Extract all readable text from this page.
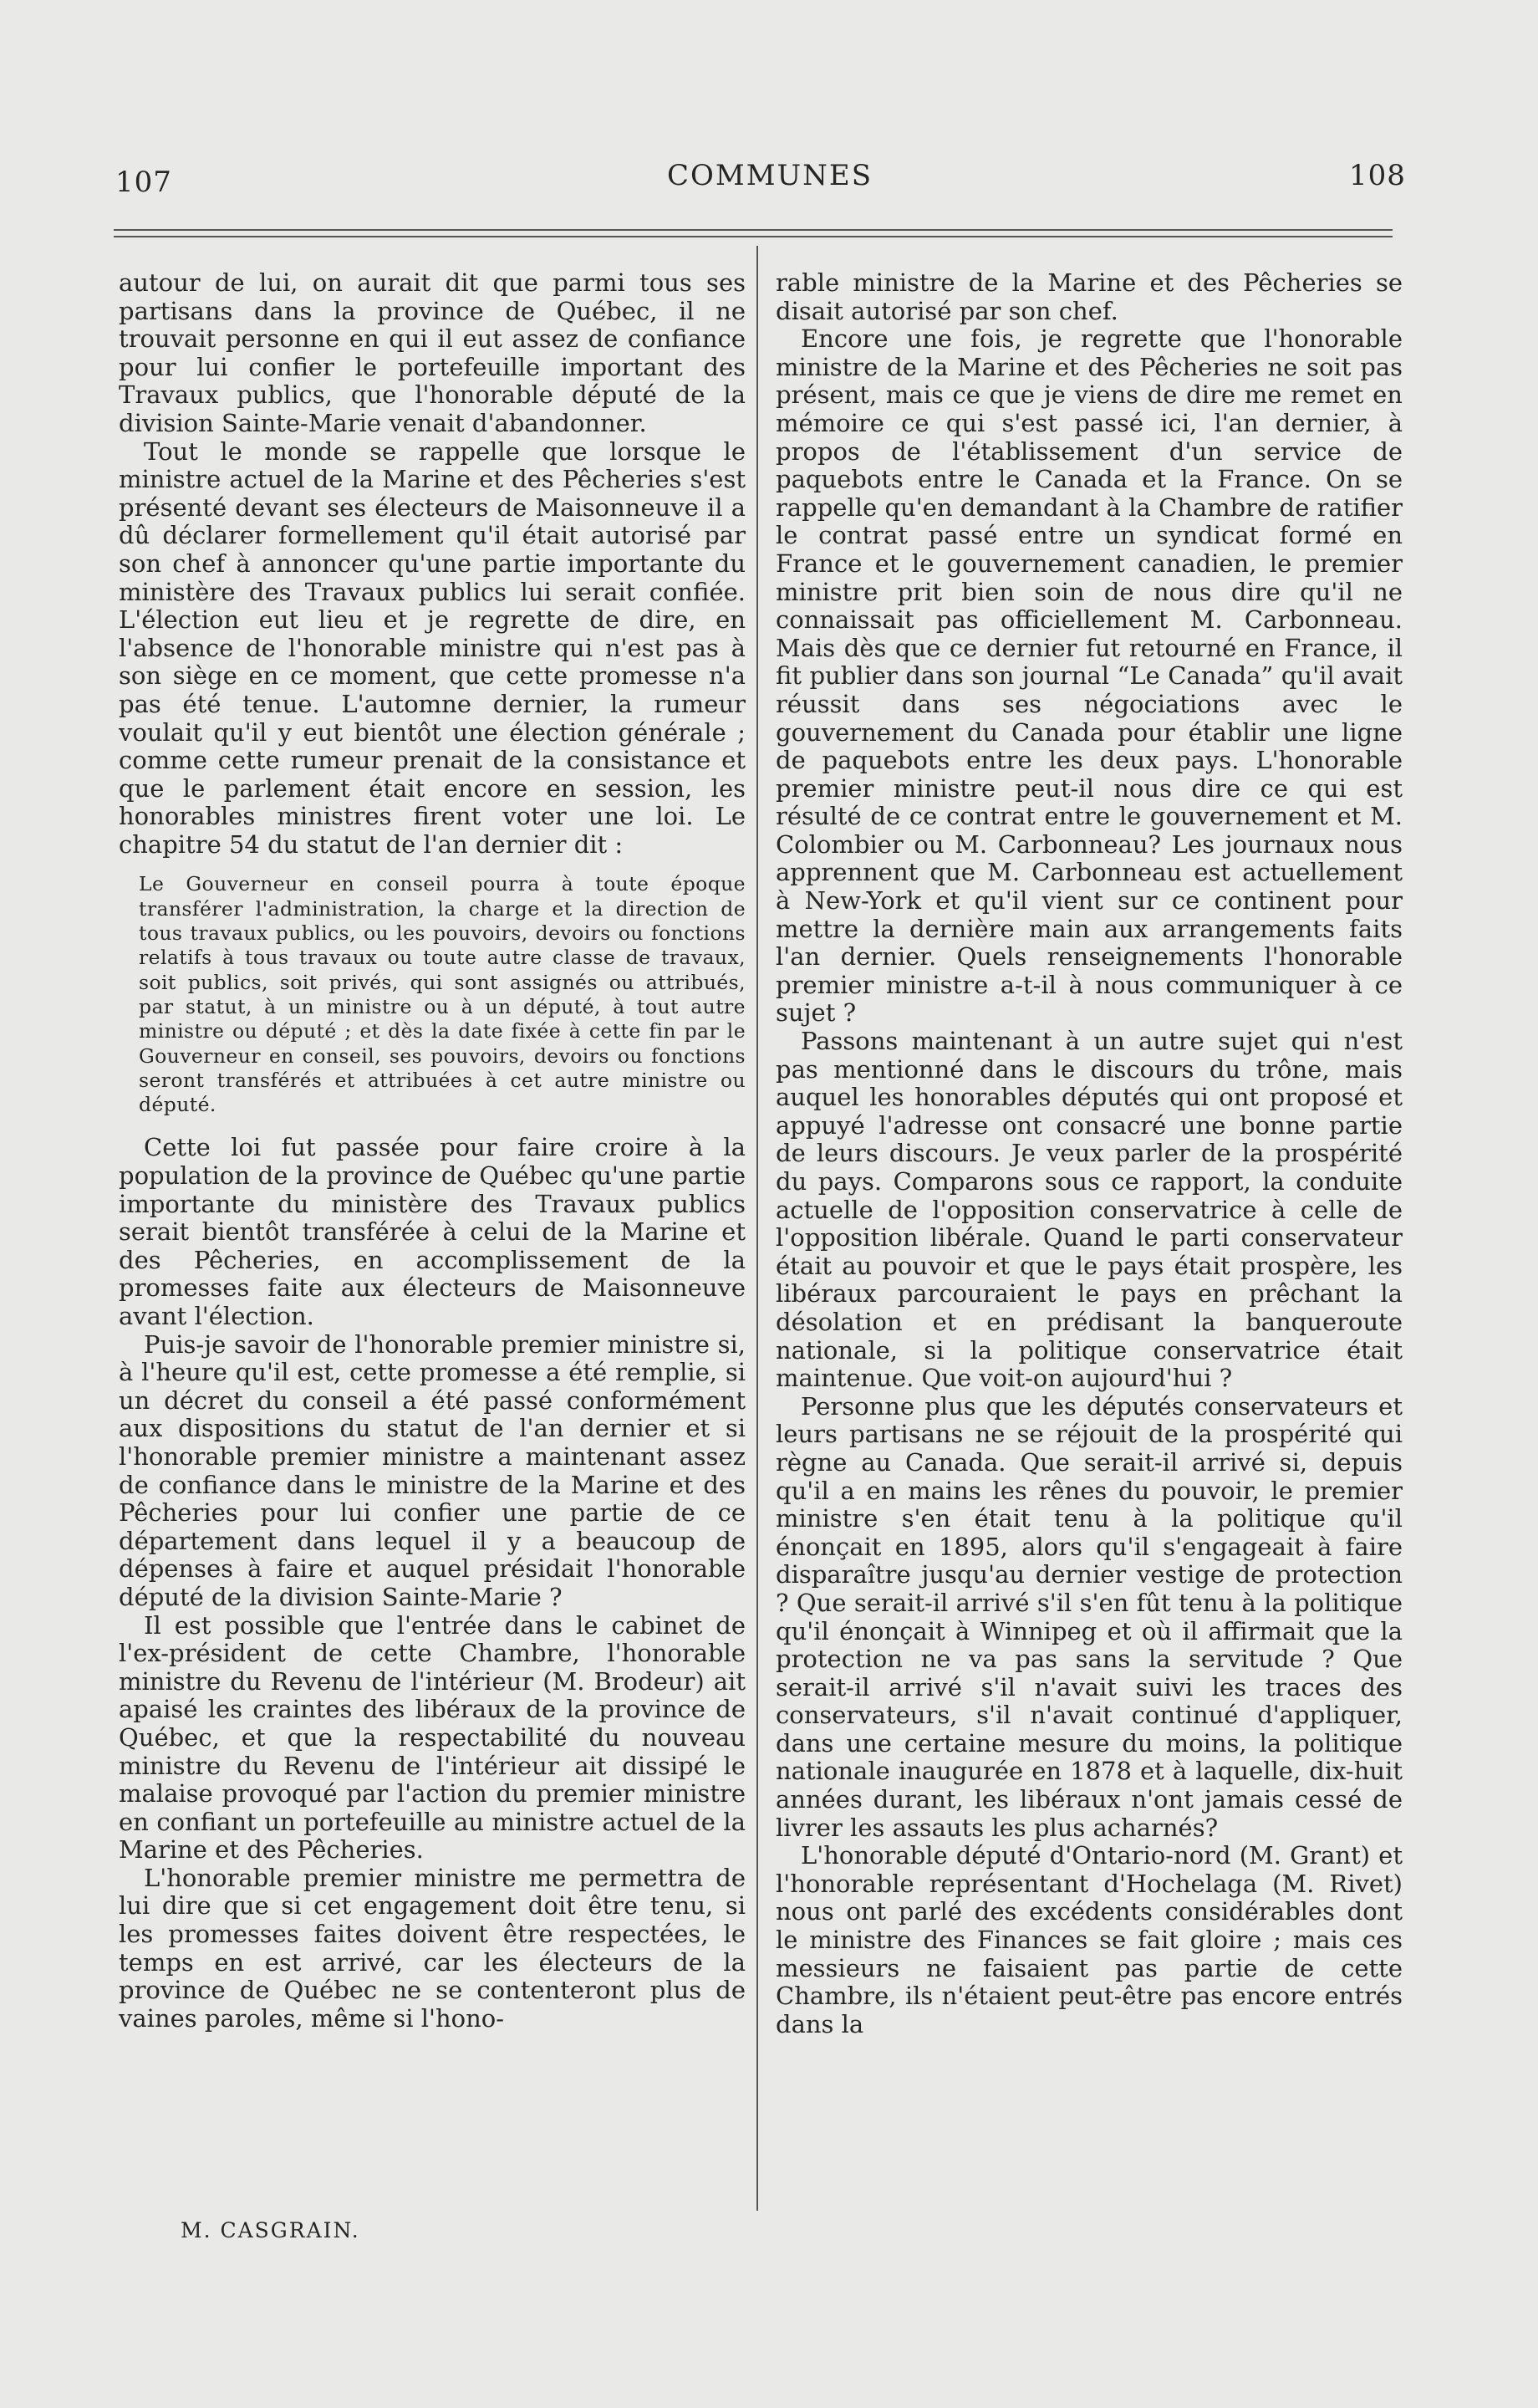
107	COMMUNES	108

autour de lui, on aurait dit que parmi tous ses partisans dans la province de Québec, il ne trouvait personne en qui il eut assez de confiance pour lui confier le portefeuille important des Travaux publics, que l'honorable député de la division Sainte-Marie venait d'abandonner.

Tout le monde se rappelle que lorsque le ministre actuel de la Marine et des Pêcheries s'est présenté devant ses électeurs de Maisonneuve il a dû déclarer formellement qu'il était autorisé par son chef à annoncer qu'une partie importante du ministère des Travaux publics lui serait confiée. L'élection eut lieu et je regrette de dire, en l'absence de l'honorable ministre qui n'est pas à son siège en ce moment, que cette promesse n'a pas été tenue. L'automne dernier, la rumeur voulait qu'il y eut bientôt une élection générale ; comme cette rumeur prenait de la consistance et que le parlement était encore en session, les honorables ministres firent voter une loi. Le chapitre 54 du statut de l'an dernier dit :

Le Gouverneur en conseil pourra à toute époque transférer l'administration, la charge et la direction de tous travaux publics, ou les pouvoirs, devoirs ou fonctions relatifs à tous travaux ou toute autre classe de travaux, soit publics, soit privés, qui sont assignés ou attribués, par statut, à un ministre ou à un député, à tout autre ministre ou député ; et dès la date fixée à cette fin par le Gouverneur en conseil, ses pouvoirs, devoirs ou fonctions seront transférés et attribuées à cet autre ministre ou député.

Cette loi fut passée pour faire croire à la population de la province de Québec qu'une partie importante du ministère des Travaux publics serait bientôt transférée à celui de la Marine et des Pêcheries, en accomplissement de la promesses faite aux électeurs de Maisonneuve avant l'élection.

Puis-je savoir de l'honorable premier ministre si, à l'heure qu'il est, cette promesse a été remplie, si un décret du conseil a été passé conformément aux dispositions du statut de l'an dernier et si l'honorable premier ministre a maintenant assez de confiance dans le ministre de la Marine et des Pêcheries pour lui confier une partie de ce département dans lequel il y a beaucoup de dépenses à faire et auquel présidait l'honorable député de la division Sainte-Marie ?

Il est possible que l'entrée dans le cabinet de l'ex-président de cette Chambre, l'honorable ministre du Revenu de l'intérieur (M. Brodeur) ait apaisé les craintes des libéraux de la province de Québec, et que la respectabilité du nouveau ministre du Revenu de l'intérieur ait dissipé le malaise provoqué par l'action du premier ministre en confiant un portefeuille au ministre actuel de la Marine et des Pêcheries.

L'honorable premier ministre me permettra de lui dire que si cet engagement doit être tenu, si les promesses faites doivent être respectées, le temps en est arrivé, car les électeurs de la province de Québec ne se contenteront plus de vaines paroles, même si l'hono-

rable ministre de la Marine et des Pêcheries se disait autorisé par son chef.

Encore une fois, je regrette que l'honorable ministre de la Marine et des Pêcheries ne soit pas présent, mais ce que je viens de dire me remet en mémoire ce qui s'est passé ici, l'an dernier, à propos de l'établissement d'un service de paquebots entre le Canada et la France. On se rappelle qu'en demandant à la Chambre de ratifier le contrat passé entre un syndicat formé en France et le gouvernement canadien, le premier ministre prit bien soin de nous dire qu'il ne connaissait pas officiellement M. Carbonneau. Mais dès que ce dernier fut retourné en France, il fit publier dans son journal “Le Canada” qu'il avait réussit dans ses négociations avec le gouvernement du Canada pour établir une ligne de paquebots entre les deux pays. L'honorable premier ministre peut-il nous dire ce qui est résulté de ce contrat entre le gouvernement et M. Colombier ou M. Carbonneau? Les journaux nous apprennent que M. Carbonneau est actuellement à New-York et qu'il vient sur ce continent pour mettre la dernière main aux arrangements faits l'an dernier. Quels renseignements l'honorable premier ministre a-t-il à nous communiquer à ce sujet ?

Passons maintenant à un autre sujet qui n'est pas mentionné dans le discours du trône, mais auquel les honorables députés qui ont proposé et appuyé l'adresse ont consacré une bonne partie de leurs discours. Je veux parler de la prospérité du pays. Comparons sous ce rapport, la conduite actuelle de l'opposition conservatrice à celle de l'opposition libérale. Quand le parti conservateur était au pouvoir et que le pays était prospère, les libéraux parcouraient le pays en prêchant la désolation et en prédisant la banqueroute nationale, si la politique conservatrice était maintenue. Que voit-on aujourd'hui ?

Personne plus que les députés conservateurs et leurs partisans ne se réjouit de la prospérité qui règne au Canada. Que serait-il arrivé si, depuis qu'il a en mains les rênes du pouvoir, le premier ministre s'en était tenu à la politique qu'il énonçait en 1895, alors qu'il s'engageait à faire disparaître jusqu'au dernier vestige de protection ? Que serait-il arrivé s'il s'en fût tenu à la politique qu'il énonçait à Winnipeg et où il affirmait que la protection ne va pas sans la servitude ? Que serait-il arrivé s'il n'avait suivi les traces des conservateurs, s'il n'avait continué d'appliquer, dans une certaine mesure du moins, la politique nationale inaugurée en 1878 et à laquelle, dix-huit années durant, les libéraux n'ont jamais cessé de livrer les assauts les plus acharnés?

L'honorable député d'Ontario-nord (M. Grant) et l'honorable représentant d'Hochelaga (M. Rivet) nous ont parlé des excédents considérables dont le ministre des Finances se fait gloire ; mais ces messieurs ne faisaient pas partie de cette Chambre, ils n'étaient peut-être pas encore entrés dans la

M. CASGRAIN.
